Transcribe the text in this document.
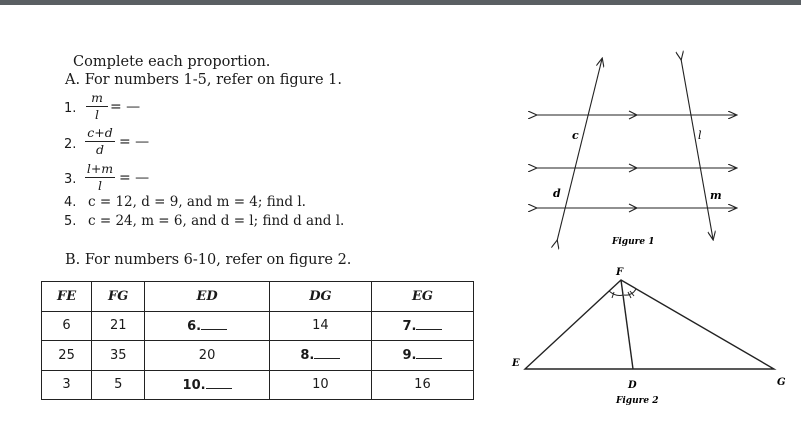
Complete each proportion.
A. For numbers 1-5, refer on figure 1.
1.
m
l = —
2.
c+d
d	= —
3.
l+m
l	= —
4. c = 12, d = 9, and m = 4; find l.
5. c = 24, m = 6, and d = l; find d and l.
B. For numbers 6-10, refer on figure 2.
FE	FG	ED	DG	EG
6	21	6.	14	7.
25	35	20	8.	9.
3	5	10.	10	16
c
d
l
m
Figure 1
F
E
D	G
Figure 2
